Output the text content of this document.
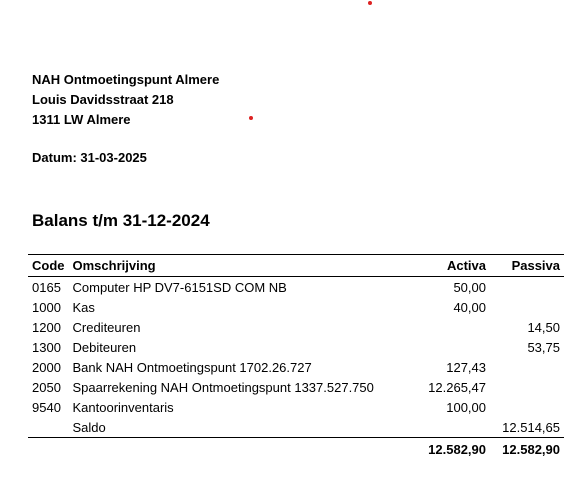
NAH Ontmoetingspunt Almere
Louis Davidsstraat 218
1311 LW Almere
Datum: 31-03-2025
Balans t/m 31-12-2024
Code	Omschrijving	Activa	Passiva
0165	Computer HP DV7-6151SD COM NB	50,00	
1000	Kas	40,00	
1200	Crediteuren		14,50
1300	Debiteuren		53,75
2000	Bank NAH Ontmoetingspunt 1702.26.727	127,43	
2050	Spaarrekening NAH Ontmoetingspunt 1337.527.750	12.265,47	
9540	Kantoorinventaris	100,00	
	Saldo		12.514,65
		12.582,90	12.582,90
